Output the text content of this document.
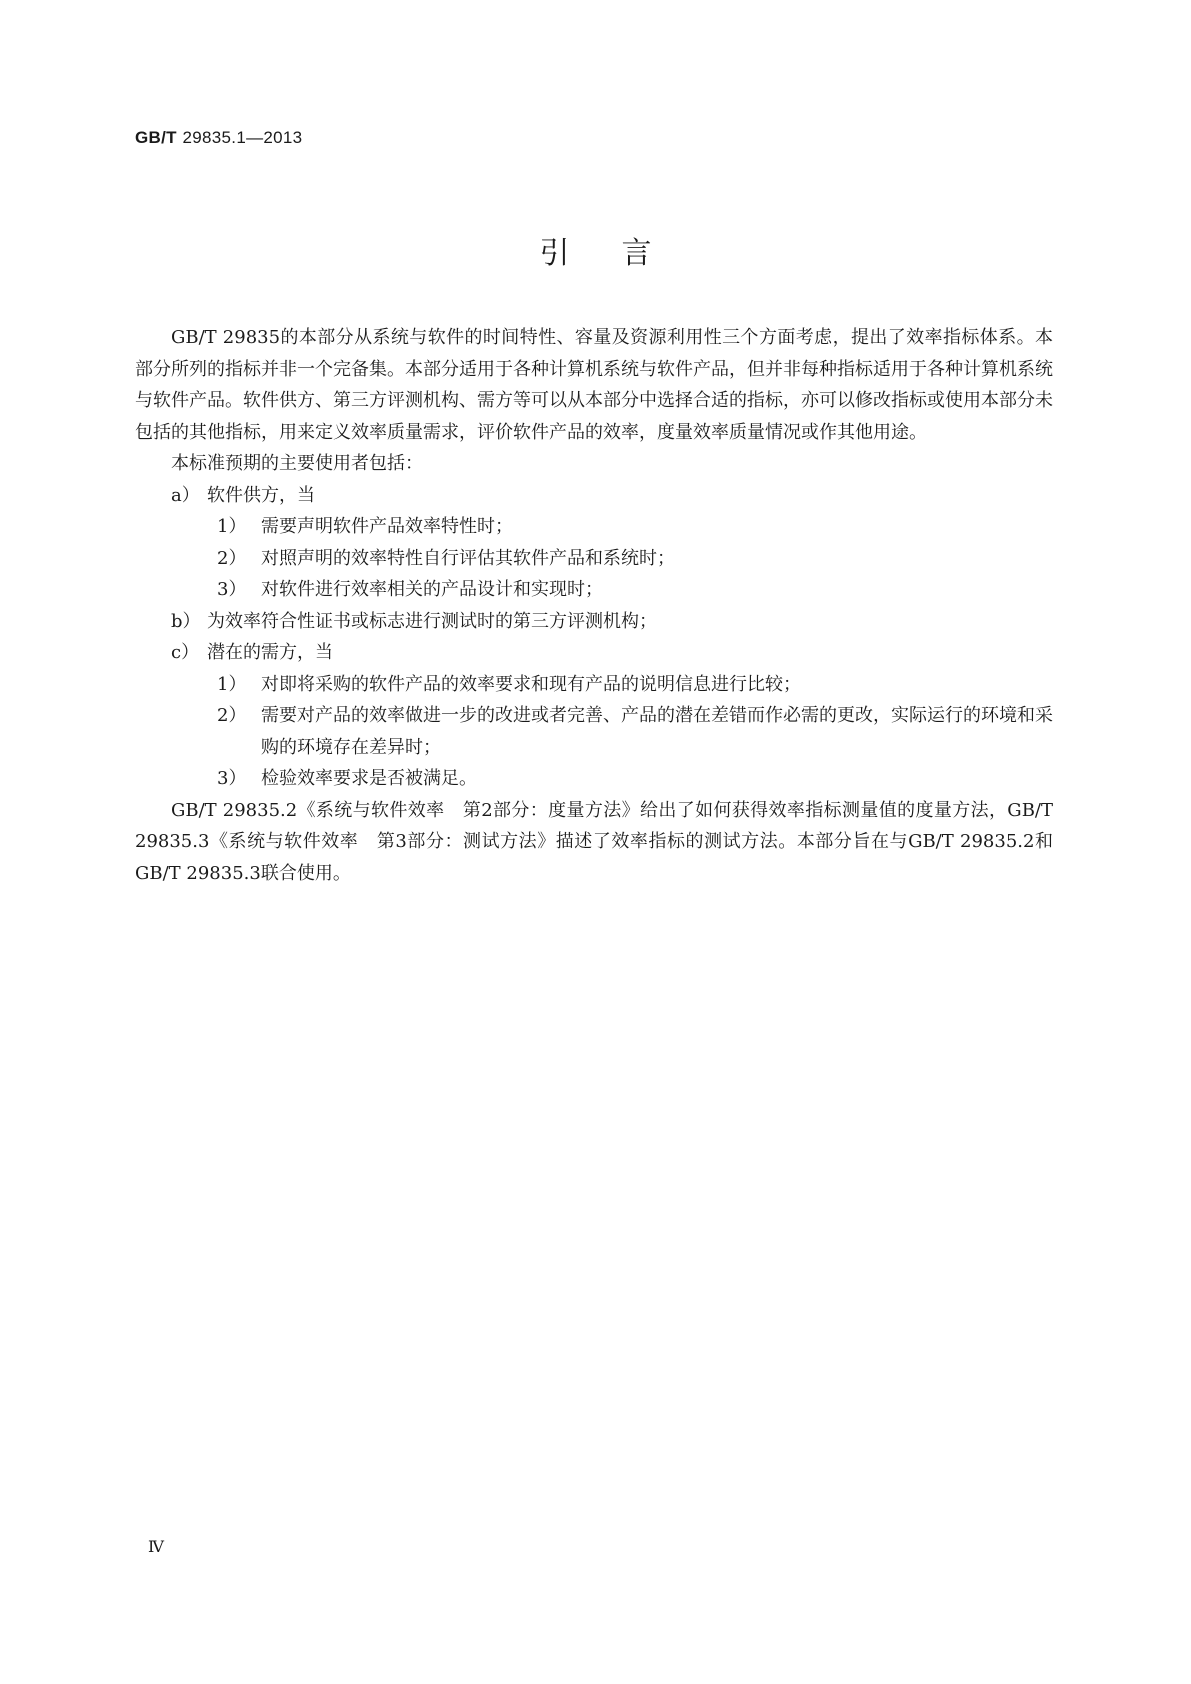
GB/T 29835.1—2013
引言

GB/T 29835的本部分从系统与软件的时间特性、容量及资源利用性三个方面考虑，提出了效率指标体系。本部分所列的指标并非一个完备集。本部分适用于各种计算机系统与软件产品，但并非每种指标适用于各种计算机系统与软件产品。软件供方、第三方评测机构、需方等可以从本部分中选择合适的指标，亦可以修改指标或使用本部分未包括的其他指标，用来定义效率质量需求，评价软件产品的效率，度量效率质量情况或作其他用途。

本标准预期的主要使用者包括：

a） 软件供方，当
1） 需要声明软件产品效率特性时；
2） 对照声明的效率特性自行评估其软件产品和系统时；
3） 对软件进行效率相关的产品设计和实现时；
b） 为效率符合性证书或标志进行测试时的第三方评测机构；
c） 潜在的需方，当
1） 对即将采购的软件产品的效率要求和现有产品的说明信息进行比较；
2） 需要对产品的效率做进一步的改进或者完善、产品的潜在差错而作必需的更改，实际运行的环境和采购的环境存在差异时；
3） 检验效率要求是否被满足。

GB/T 29835.2《系统与软件效率　第2部分：度量方法》给出了如何获得效率指标测量值的度量方法，GB/T 29835.3《系统与软件效率　第3部分：测试方法》描述了效率指标的测试方法。本部分旨在与GB/T 29835.2和GB/T 29835.3联合使用。

Ⅳ
